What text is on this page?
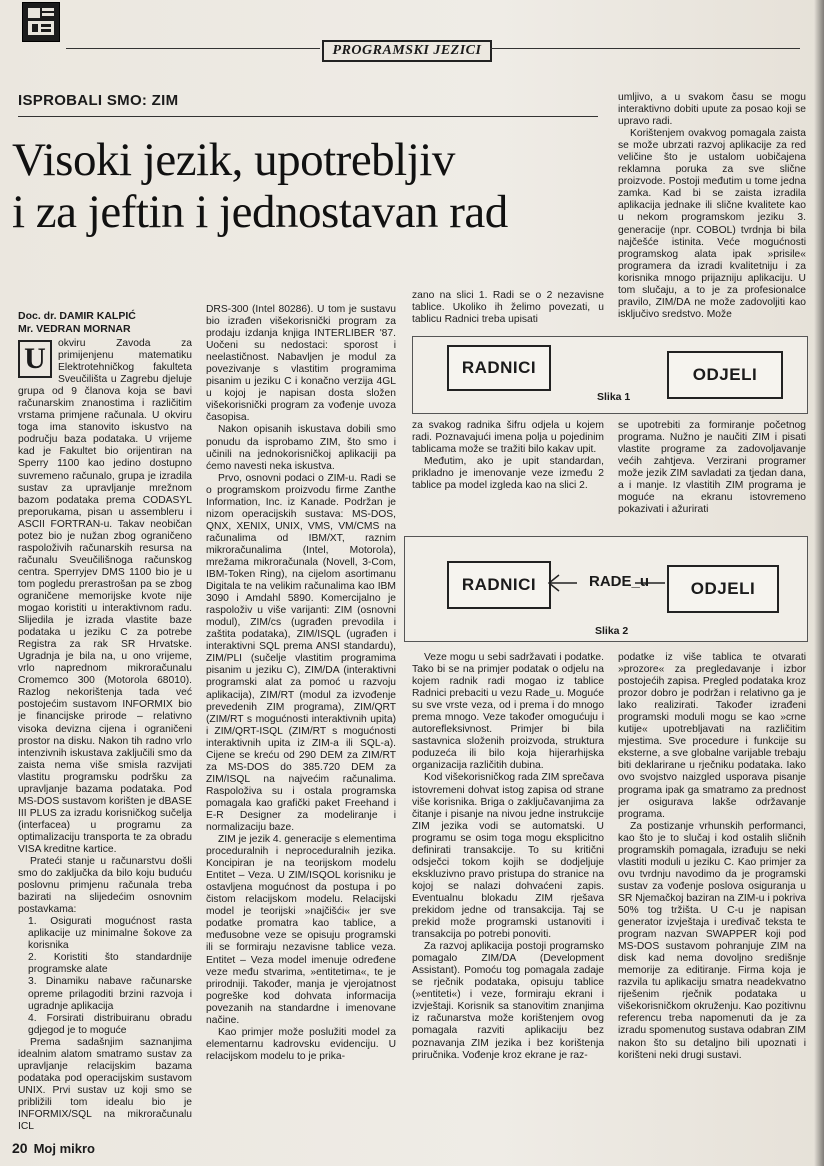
PROGRAMSKI JEZICI
ISPROBALI SMO: ZIM
Visoki jezik, upotrebljiv
i za jeftin i jednostavan rad
Doc. dr. DAMIR KALPIĆ
Mr. VEDRAN MORNAR

U	okviru Zavoda za primijenjenu matematiku Elektrotehničkog fakulteta Sveučilišta u Zagrebu djeluje grupa od 9 članova koja se bavi računarskim znanostima i različitim vrstama primjene računala. U okviru toga ima stanovito iskustvo na području baza podataka. U vrijeme kad je Fakultet bio orijentiran na Sperry 1100 kao jedino dostupno suvremeno računalo, grupa je izradila sustav za upravljanje mrežnom bazom podataka prema CODASYL preporukama, pisan u assembleru i ASCII FORTRAN-u. Takav neobičan potez bio je nužan zbog ograničeno raspoloživih računarskih resursa na računalu Sveučilišnoga računskog centra. Sperryjev DMS 1100 bio je u tom pogledu prerastrošan pa se zbog ograničene memorijske kvote nije mogao koristiti u interaktivnom radu. Slijedila je izrada vlastite baze podataka u jeziku C za potrebe Registra za rak SR Hrvatske. Ugradnja je bila na, u ono vrijeme, vrlo naprednom mikroračunalu Cromemco 300 (Motorola 68010). Razlog nekorištenja tada već postojećim sustavom INFORMIX bio je financijske prirode – relativno visoka devizna cijena i ograničeni prostor na disku. Nakon tih radno vrlo intenzivnih iskustava zaključili smo da zaista nema više smisla razvijati vlastitu programsku podršku za upravljanje bazama podataka. Pod MS-DOS sustavom korišten je dBASE III PLUS za izradu korisničkog sučelja (interfacea) u programu za optimalizaciju transporta te za obradu VISA kreditne kartice.

Prateći stanje u računarstvu došli smo do zaključka da bilo koju buduću poslovnu primjenu računala treba bazirati na slijedećim osnovnim postavkama:

1. Osigurati mogućnost rasta aplikacije uz minimalne šokove za korisnika

2. Koristiti što standardnije programske alate

3. Dinamiku nabave računarske opreme prilagoditi brzini razvoja i ugradnje aplikacija

4. Forsirati distribuiranu obradu gdjegod je to moguće

Prema sadašnjim saznanjima idealnim alatom smatramo sustav za upravljanje relacijskim bazama podataka pod operacijskim sustavom UNIX. Prvi sustav uz koji smo se približili tom idealu bio je INFORMIX/SQL na mikroračunalu ICL

DRS-300 (Intel 80286). U tom je sustavu bio izrađen višekorisnički program za prodaju izdanja knjiga INTERLIBER '87. Uočeni su nedostaci: sporost i neelastičnost. Nabavljen je modul za povezivanje s vlastitim programima pisanim u jeziku C i konačno verzija 4GL u kojoj je napisan dosta složen višekorisnički program za vođenje uvoza časopisa.

Nakon opisanih iskustava dobili smo ponudu da isprobamo ZIM, što smo i učinili na jednokorisničkoj aplikaciji pa ćemo navesti neka iskustva.

Prvo, osnovni podaci o ZIM-u. Radi se o programskom proizvodu firme Zanthe Information, Inc. iz Kanade. Podržan je nizom operacijskih sustava: MS-DOS, QNX, XENIX, UNIX, VMS, VM/CMS na računalima od IBM/XT, raznim mikroračunalima (Intel, Motorola), mrežama mikroračunala (Novell, 3-Com, IBM-Token Ring), na cijelom asortimanu Digitala te na velikim računalima kao IBM 3090 i Amdahl 5890. Komercijalno je raspoloživ u više varijanti: ZIM (osnovni modul), ZIM/cs (ugrađen prevodila i zaštita podataka), ZIM/ISQL (ugrađen i interaktivni SQL prema ANSI standardu), ZIM/PLI (sučelje vlastitim programima pisanim u jeziku C), ZIM/DA (interaktivni programski alat za pomoć u razvoju aplikacija), ZIM/RT (modul za izvođenje prevedenih ZIM programa), ZIM/QRT (ZIM/RT s mogućnosti interaktivnih upita) i ZIM/QRT-ISQL (ZIM/RT s mogućnosti interaktivnih upita iz ZIM-a ili SQL-a). Cijene se kreću od 290 DEM za ZIM/RT za MS-DOS do 385.720 DEM za ZIM/ISQL na najvećim računalima. Raspoloživa su i ostala programska pomagala kao grafički paket Freehand i E-R Designer za modeliranje i normalizaciju baze.

ZIM je jezik 4. generacije s elementima proceduralnih i neproceduralnih jezika. Koncipiran je na teorijskom modelu Entitet – Veza. U ZIM/ISQOL korisniku je ostavljena mogućnost da postupa i po čistom relacijskom modelu. Relacijski model je teorijski »najčišći« jer sve podatke promatra kao tablice, a međusobne veze se opisuju programski ili se formiraju nezavisne tablice veza. Entitet – Veza model imenuje određene veze među stvarima, »entitetima«, te je prirodniji. Također, manja je vjerojatnost pogreške kod dohvata informacija povezanih na standardne i imenovane načine.

Kao primjer može poslužiti model za elementarnu kadrovsku evidenciju. U relacijskom modelu to je prika-

zano na slici 1. Radi se o 2 nezavisne tablice. Ukoliko ih želimo povezati, u tablicu Radnici treba upisati

umljivo, a u svakom času se mogu interaktivno dobiti upute za posao koji se upravo radi.

Korištenjem ovakvog pomagala zaista se može ubrzati razvoj aplikacije za red veličine što je ustalom uobičajena reklamna poruka za sve slične proizvode. Postoji međutim u tome jedna zamka. Kad bi se zaista izradila aplikacija jednake ili slične kvalitete kao u nekom programskom jeziku 3. generacije (npr. COBOL) tvrdnja bi bila najčešće istinita. Veće mogućnosti programskog alata ipak »prisile« programera da izradi kvalitetniju i za korisnika mnogo prijazniju aplikaciju. U tom slučaju, a to je za profesionalce pravilo, ZIM/DA ne može zadovoljiti kao isključivo sredstvo. Može

RADNICI	ODJELI
Slika 1

za svakog radnika šifru odjela u kojem radi. Poznavajući imena polja u pojedinim tablicama može se tražiti bilo kakav upit.

Međutim, ako je upit standardan, prikladno je imenovanje veze između 2 tablice pa model izgleda kao na slici 2.

se upotrebiti za formiranje početnog programa. Nužno je naučiti ZIM i pisati vlastite programe za zadovoljavanje većih zahtjeva. Verzirani programer može jezik ZIM savladati za tjedan dana, a i manje. Iz vlastitih ZIM programa je moguće na ekranu istovremeno pokazivati i ažurirati

RADNICI	RADE_u	ODJELI
Slika 2

Veze mogu u sebi sadržavati i podatke. Tako bi se na primjer podatak o odjelu na kojem radnik radi mogao iz tablice Radnici prebaciti u vezu Rade_u. Moguće su sve vrste veza, od i prema i do mnogo prema mnogo. Veze također omogućuju i autorefleksivnost. Primjer bi bila sastavnica složenih proizvoda, struktura poduzeća ili bilo koja hijerarhijska organizacija različitih dubina.

Kod višekorisničkog rada ZIM sprečava istovremeni dohvat istog zapisa od strane više korisnika. Briga o zaključavanjima za čitanje i pisanje na nivou jedne instrukcije ZIM jezika vodi se automatski. U programu se osim toga mogu eksplicitno definirati transakcije. To su kritični odsječci tokom kojih se dodjeljuje ekskluzivno pravo pristupa do stranice na kojoj se nalazi dohvaćeni zapis. Eventualnu blokadu ZIM rješava prekidom jedne od transakcija. Taj se prekid može programski ustanoviti i transakcija po potrebi ponoviti.

Za razvoj aplikacija postoji programsko pomagalo ZIM/DA (Development Assistant). Pomoću tog pomagala zadaje se rječnik podataka, opisuju tablice (»entiteti«) i veze, formiraju ekrani i izvještaji. Korisnik sa stanovitim znanjima iz računarstva može korištenjem ovog pomagala razviti aplikaciju bez poznavanja ZIM jezika i bez korištenja priručnika. Vođenje kroz ekrane je raz-

podatke iz više tablica te otvarati »prozore« za pregledavanje i izbor postojećih zapisa. Pregled podataka kroz prozor dobro je podržan i relativno ga je lako realizirati. Također izrađeni programski moduli mogu se kao »crne kutije« upotrebljavati na različitim mjestima. Sve procedure i funkcije su eksterne, a sve globalne varijable trebaju biti deklarirane u rječniku podataka. Iako ovo svojstvo naizgled usporava pisanje programa ipak ga smatramo za prednost jer osigurava lakše održavanje programa.

Za postizanje vrhunskih performanci, kao što je to slučaj i kod ostalih sličnih programskih pomagala, izrađuju se neki vlastiti moduli u jeziku C. Kao primjer za ovu tvrdnju navodimo da je programski sustav za vođenje poslova osiguranja u SR Njemačkoj baziran na ZIM-u i pokriva 50% tog tržišta. U C-u je napisan generator izvještaja i uređivač teksta te program nazvan SWAPPER koji pod MS-DOS sustavom pohranjuje ZIM na disk kad nema dovoljno središnje memorije za editiranje. Firma koja je razvila tu aplikaciju smatra neadekvatno riješenim rječnik podataka u višekorisničkom okruženju. Kao pozitivnu referencu treba napomenuti da je za izradu spomenutog sustava odabran ZIM nakon što su detaljno bili upoznati i korišteni neki drugi sustavi.

20 Moj mikro
